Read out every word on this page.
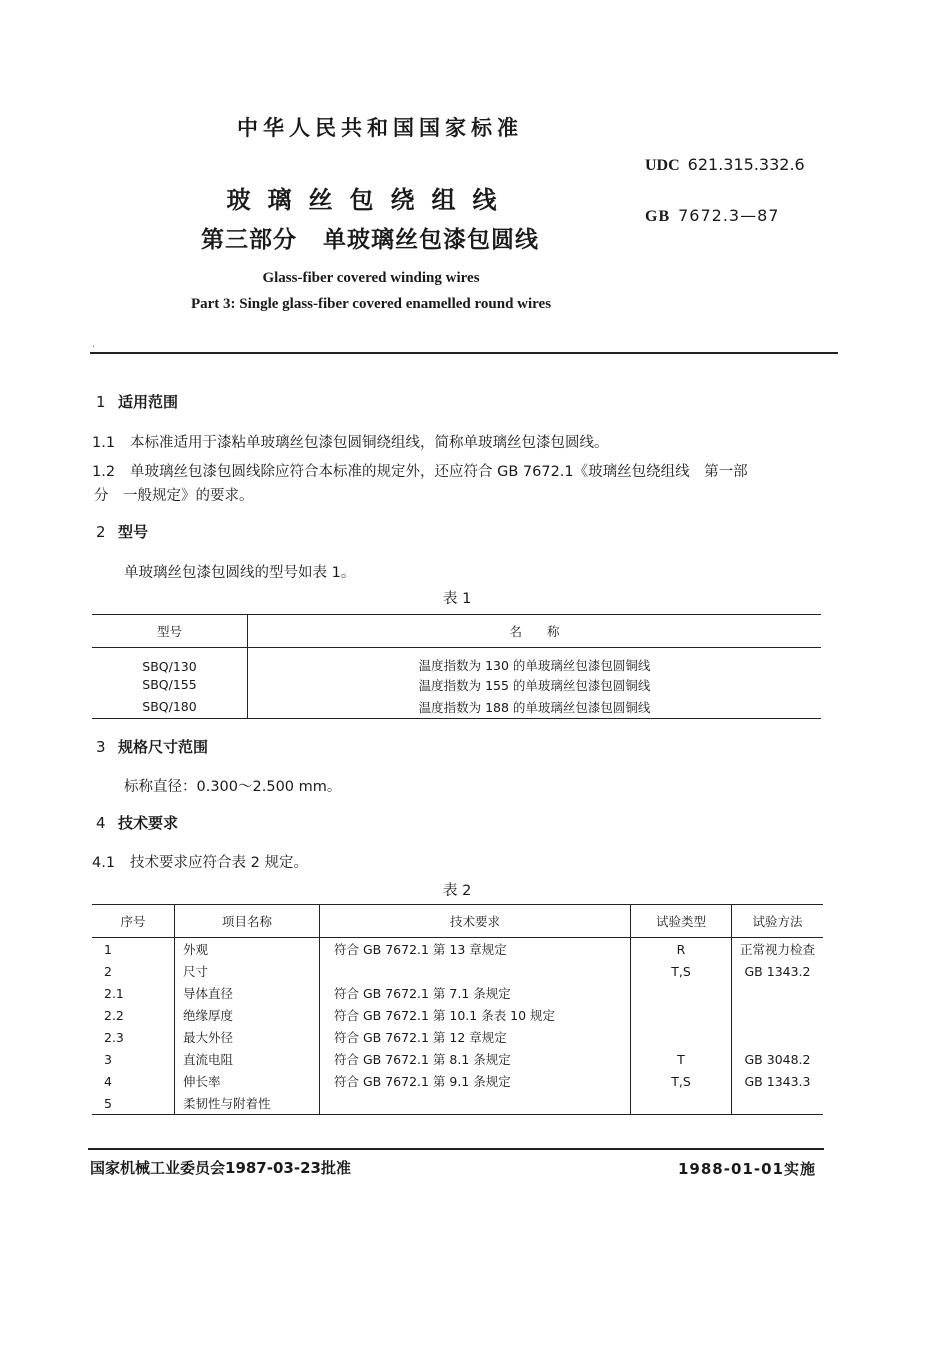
中华人民共和国国家标准
UDC 621.315.332.6
玻璃丝包绕组线
GB 7672.3—87
第三部分 单玻璃丝包漆包圆线
Glass-fiber covered winding wires
Part 3: Single glass-fiber covered enamelled round wires
·
1 适用范围
1.1 本标准适用于漆粘单玻璃丝包漆包圆铜绕组线，简称单玻璃丝包漆包圆线。
1.2 单玻璃丝包漆包圆线除应符合本标准的规定外，还应符合 GB 7672.1《玻璃丝包绕组线　第一部
分　一般规定》的要求。
2 型号
单玻璃丝包漆包圆线的型号如表 1。
表 1
型号	名　　称
SBQ/130	温度指数为 130 的单玻璃丝包漆包圆铜线
SBQ/155	温度指数为 155 的单玻璃丝包漆包圆铜线
SBQ/180	温度指数为 188 的单玻璃丝包漆包圆铜线
3 规格尺寸范围
标称直径：0.300～2.500 mm。
4 技术要求
4.1 技术要求应符合表 2 规定。
表 2
序号	项目名称	技术要求	试验类型	试验方法
1	外观	符合 GB 7672.1 第 13 章规定	R	正常视力检查
2	尺寸		T,S	GB 1343.2
2.1	导体直径	符合 GB 7672.1 第 7.1 条规定		
2.2	绝缘厚度	符合 GB 7672.1 第 10.1 条表 10 规定		
2.3	最大外径	符合 GB 7672.1 第 12 章规定		
3	直流电阻	符合 GB 7672.1 第 8.1 条规定	T	GB 3048.2
4	伸长率	符合 GB 7672.1 第 9.1 条规定	T,S	GB 1343.3
5	柔韧性与附着性			
国家机械工业委员会1987-03-23批准	1988-01-01实施
